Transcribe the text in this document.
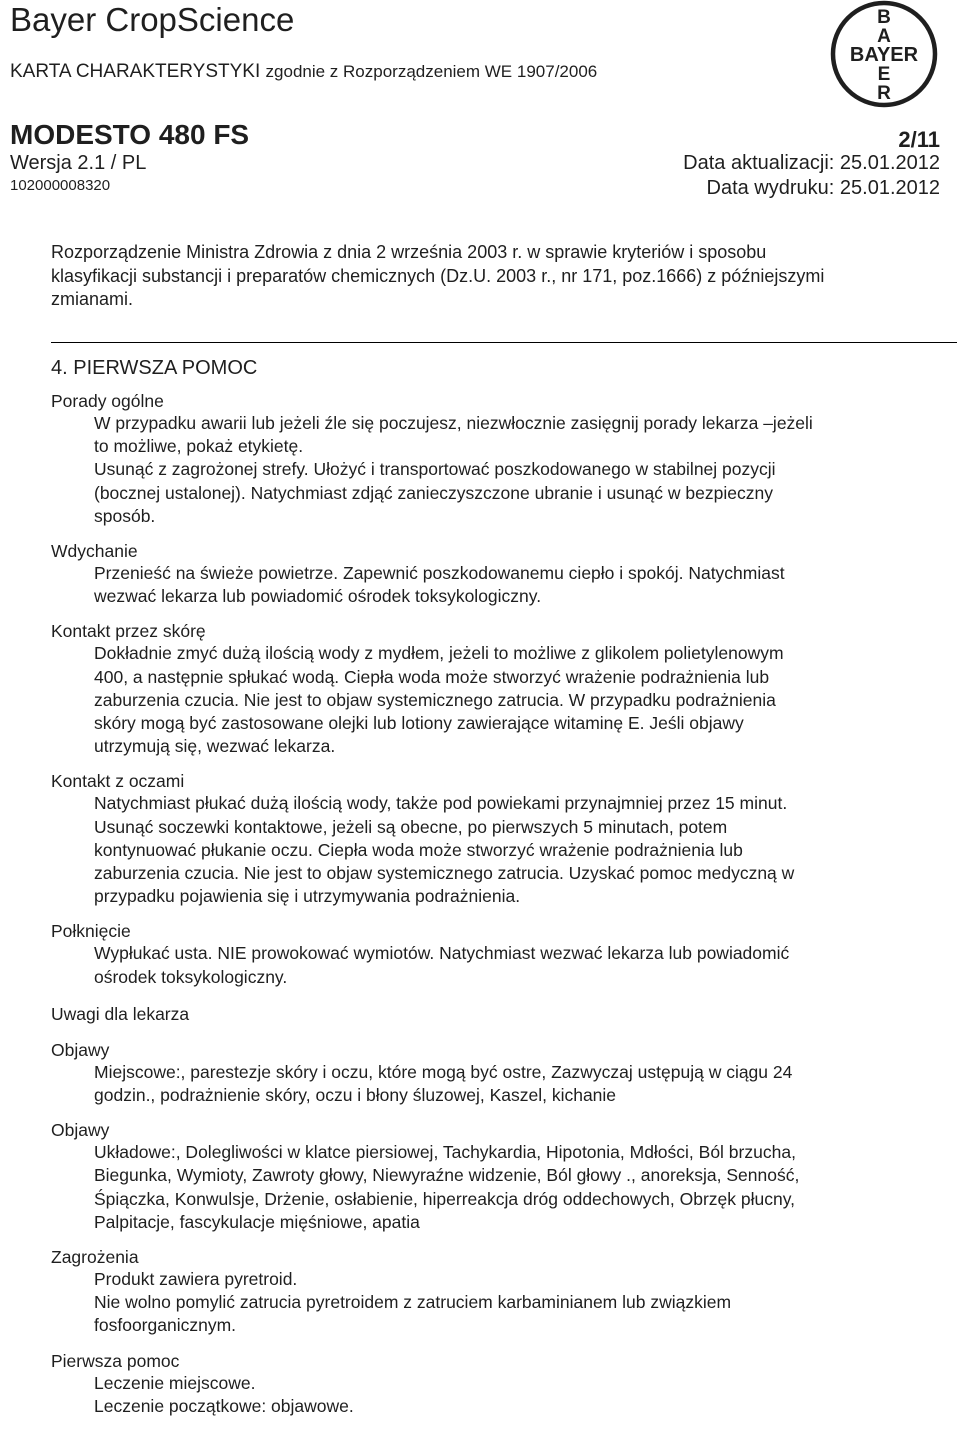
Bayer CropScience
KARTA CHARAKTERYSTYKI zgodnie z Rozporządzeniem WE 1907/2006
MODESTO 480 FS
Wersja 2.1 / PL
102000008320
2/11
Data aktualizacji: 25.01.2012
Data wydruku: 25.01.2012
B
A
BAYER
E
R
Rozporządzenie Ministra Zdrowia z dnia 2 września 2003 r. w sprawie kryteriów i sposobu
klasyfikacji substancji i preparatów chemicznych (Dz.U. 2003 r., nr 171, poz.1666) z późniejszymi
zmianami.
4. PIERWSZA POMOC

Porady ogólne

W przypadku awarii lub jeżeli źle się poczujesz, niezwłocznie zasięgnij porady lekarza –jeżeli
to możliwe, pokaż etykietę.
Usunąć z zagrożonej strefy. Ułożyć i transportować poszkodowanego w stabilnej pozycji
(bocznej ustalonej). Natychmiast zdjąć zanieczyszczone ubranie i usunąć w bezpieczny
sposób.

Wdychanie

Przenieść na świeże powietrze. Zapewnić poszkodowanemu ciepło i spokój. Natychmiast
wezwać lekarza lub powiadomić ośrodek toksykologiczny.

Kontakt przez skórę

Dokładnie zmyć dużą ilością wody z mydłem, jeżeli to możliwe z glikolem polietylenowym
400, a następnie spłukać wodą. Ciepła woda może stworzyć wrażenie podrażnienia lub
zaburzenia czucia. Nie jest to objaw systemicznego zatrucia. W przypadku podrażnienia
skóry mogą być zastosowane olejki lub lotiony zawierające witaminę E. Jeśli objawy
utrzymują się, wezwać lekarza.

Kontakt z oczami

Natychmiast płukać dużą ilością wody, także pod powiekami przynajmniej przez 15 minut.
Usunąć soczewki kontaktowe, jeżeli są obecne, po pierwszych 5 minutach, potem
kontynuować płukanie oczu. Ciepła woda może stworzyć wrażenie podrażnienia lub
zaburzenia czucia. Nie jest to objaw systemicznego zatrucia. Uzyskać pomoc medyczną w
przypadku pojawienia się i utrzymywania podrażnienia.

Połknięcie

Wypłukać usta. NIE prowokować wymiotów. Natychmiast wezwać lekarza lub powiadomić
ośrodek toksykologiczny.

Uwagi dla lekarza

Objawy

Miejscowe:, parestezje skóry i oczu, które mogą być ostre, Zazwyczaj ustępują w ciągu 24
godzin., podrażnienie skóry, oczu i błony śluzowej, Kaszel, kichanie

Objawy

Układowe:, Dolegliwości w klatce piersiowej, Tachykardia, Hipotonia, Mdłości, Ból brzucha,
Biegunka, Wymioty, Zawroty głowy, Niewyraźne widzenie, Ból głowy ., anoreksja, Senność,
Śpiączka, Konwulsje, Drżenie, osłabienie, hiperreakcja dróg oddechowych, Obrzęk płucny,
Palpitacje, fascykulacje mięśniowe, apatia

Zagrożenia

Produkt zawiera pyretroid.
Nie wolno pomylić zatrucia pyretroidem z zatruciem karbaminianem lub związkiem
fosfoorganicznym.

Pierwsza pomoc

Leczenie miejscowe.
Leczenie początkowe: objawowe.
